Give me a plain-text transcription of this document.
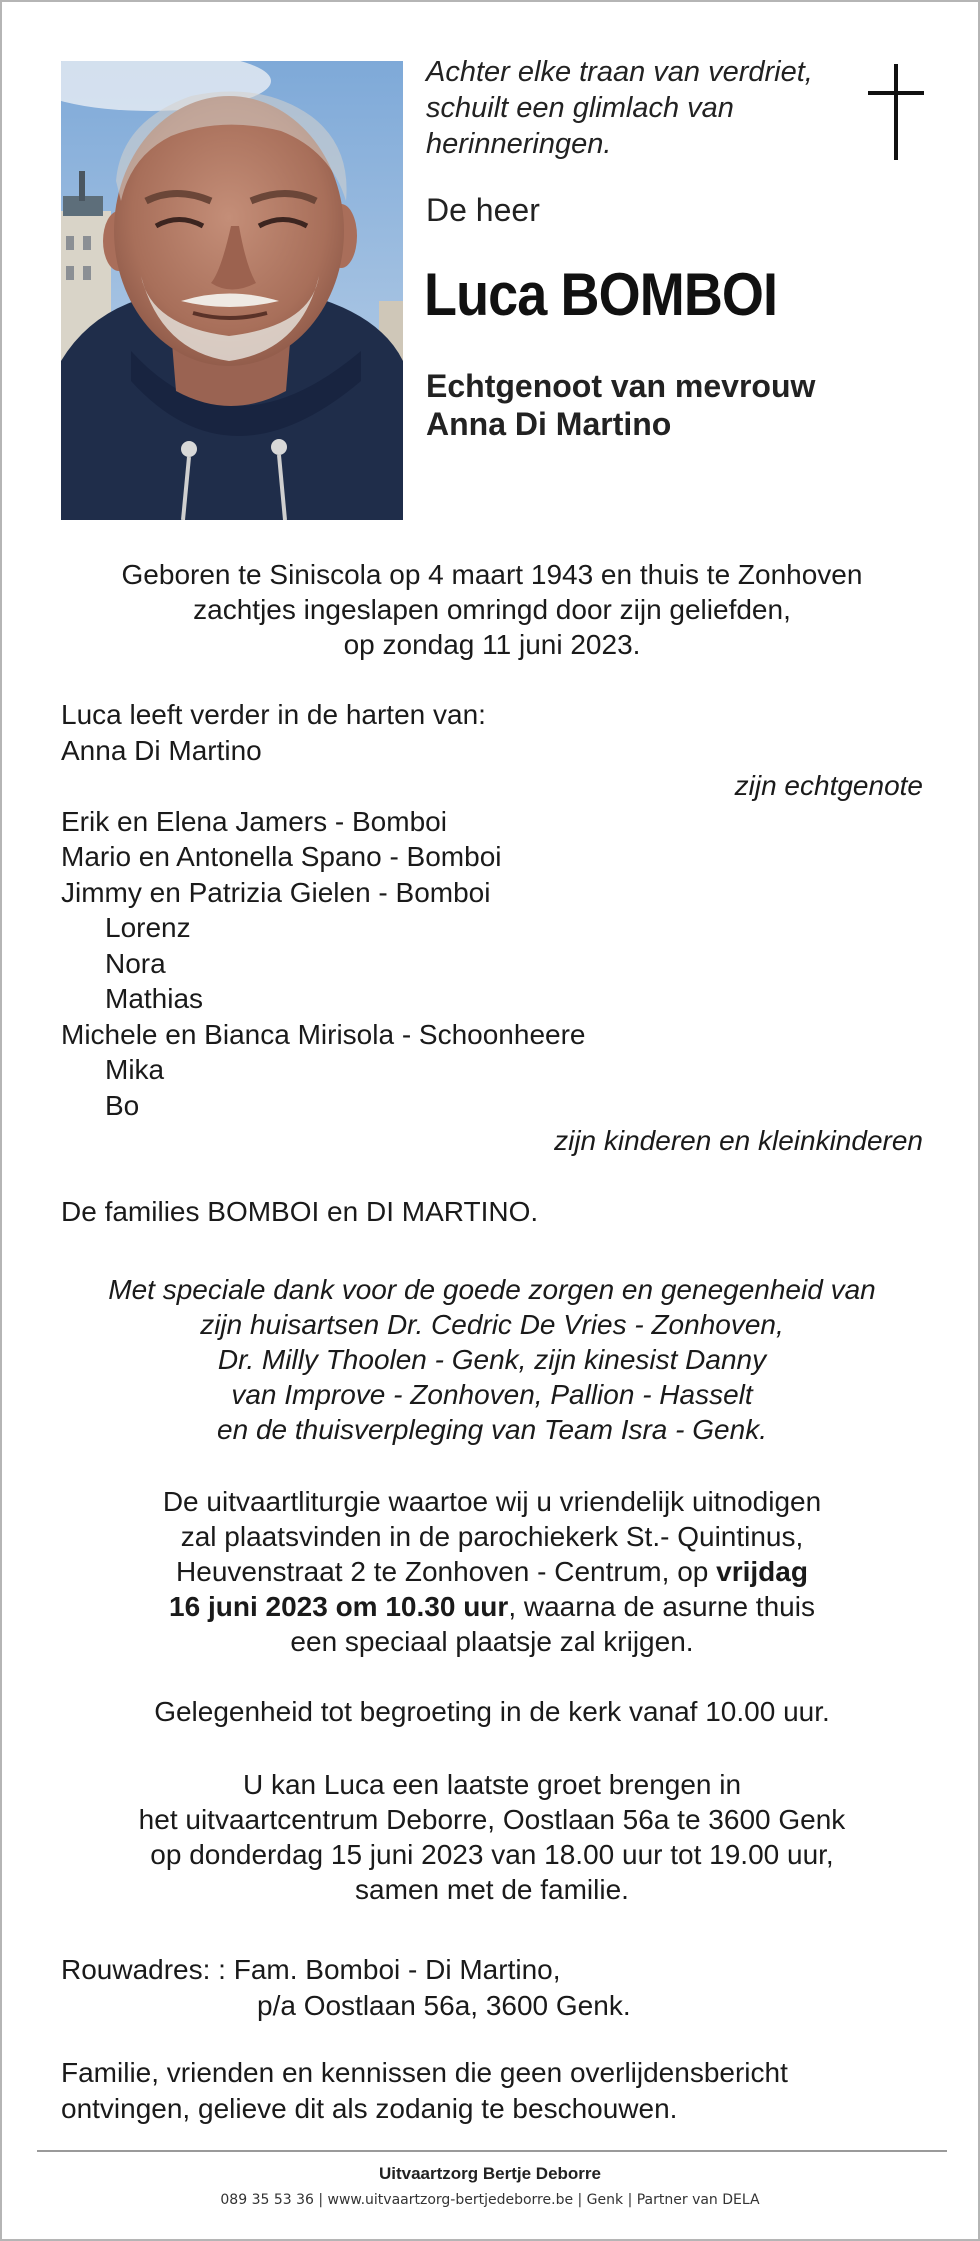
Achter elke traan van verdriet,
schuilt een glimlach van
herinneringen.
De heer
Luca BOMBOI
Echtgenoot van mevrouw
Anna Di Martino
Geboren te Siniscola op 4 maart 1943 en thuis te Zonhoven
zachtjes ingeslapen omringd door zijn geliefden,
op zondag 11 juni 2023.
Luca leeft verder in de harten van:
Anna Di Martino
zijn echtgenote
Erik en Elena Jamers - Bomboi
Mario en Antonella Spano - Bomboi
Jimmy en Patrizia Gielen - Bomboi
Lorenz
Nora
Mathias
Michele en Bianca Mirisola - Schoonheere
Mika
Bo
zijn kinderen en kleinkinderen
De families BOMBOI en DI MARTINO.
Met speciale dank voor de goede zorgen en genegenheid van
zijn huisartsen Dr. Cedric De Vries - Zonhoven,
Dr. Milly Thoolen - Genk, zijn kinesist Danny
van Improve - Zonhoven, Pallion - Hasselt
en de thuisverpleging van Team Isra - Genk.
De uitvaartliturgie waartoe wij u vriendelijk uitnodigen
zal plaatsvinden in de parochiekerk St.- Quintinus,
Heuvenstraat 2 te Zonhoven - Centrum, op vrijdag
16 juni 2023 om 10.30 uur, waarna de asurne thuis
een speciaal plaatsje zal krijgen.
Gelegenheid tot begroeting in de kerk vanaf 10.00 uur.
U kan Luca een laatste groet brengen in
het uitvaartcentrum Deborre, Oostlaan 56a te 3600 Genk
op donderdag 15 juni 2023 van 18.00 uur tot 19.00 uur,
samen met de familie.
Rouwadres: : Fam. Bomboi - Di Martino,
p/a Oostlaan 56a, 3600 Genk.
Familie, vrienden en kennissen die geen overlijdensbericht
ontvingen, gelieve dit als zodanig te beschouwen.
Uitvaartzorg Bertje Deborre
089 35 53 36 | www.uitvaartzorg-bertjedeborre.be | Genk | Partner van DELA
